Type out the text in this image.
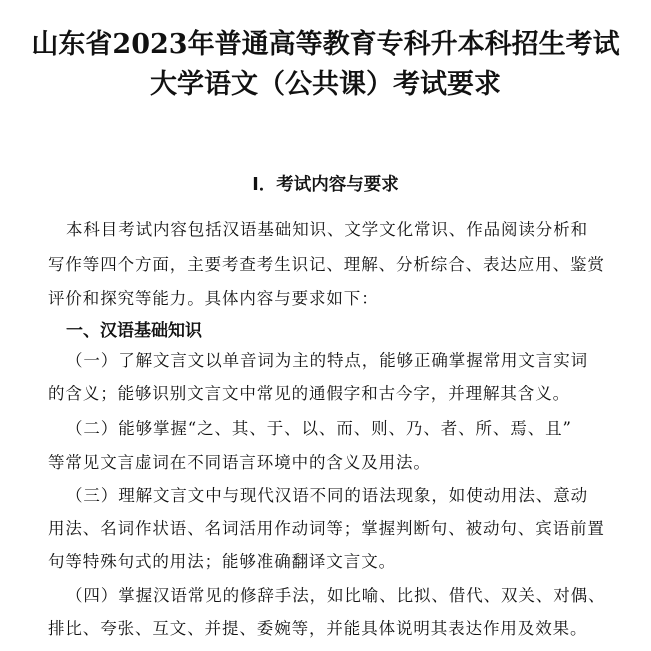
山东省2023年普通高等教育专科升本科招生考试
大学语文（公共课）考试要求
I．考试内容与要求
本科目考试内容包括汉语基础知识、文学文化常识、作品阅读分析和
写作等四个方面，主要考查考生识记、理解、分析综合、表达应用、鉴赏
评价和探究等能力。具体内容与要求如下：
一、汉语基础知识
（一）了解文言文以单音词为主的特点，能够正确掌握常用文言实词
的含义；能够识别文言文中常见的通假字和古今字，并理解其含义。
（二）能够掌握“之、其、于、以、而、则、乃、者、所、焉、且”
等常见文言虚词在不同语言环境中的含义及用法。
（三）理解文言文中与现代汉语不同的语法现象，如使动用法、意动
用法、名词作状语、名词活用作动词等；掌握判断句、被动句、宾语前置
句等特殊句式的用法；能够准确翻译文言文。
（四）掌握汉语常见的修辞手法，如比喻、比拟、借代、双关、对偶、
排比、夸张、互文、并提、委婉等，并能具体说明其表达作用及效果。
